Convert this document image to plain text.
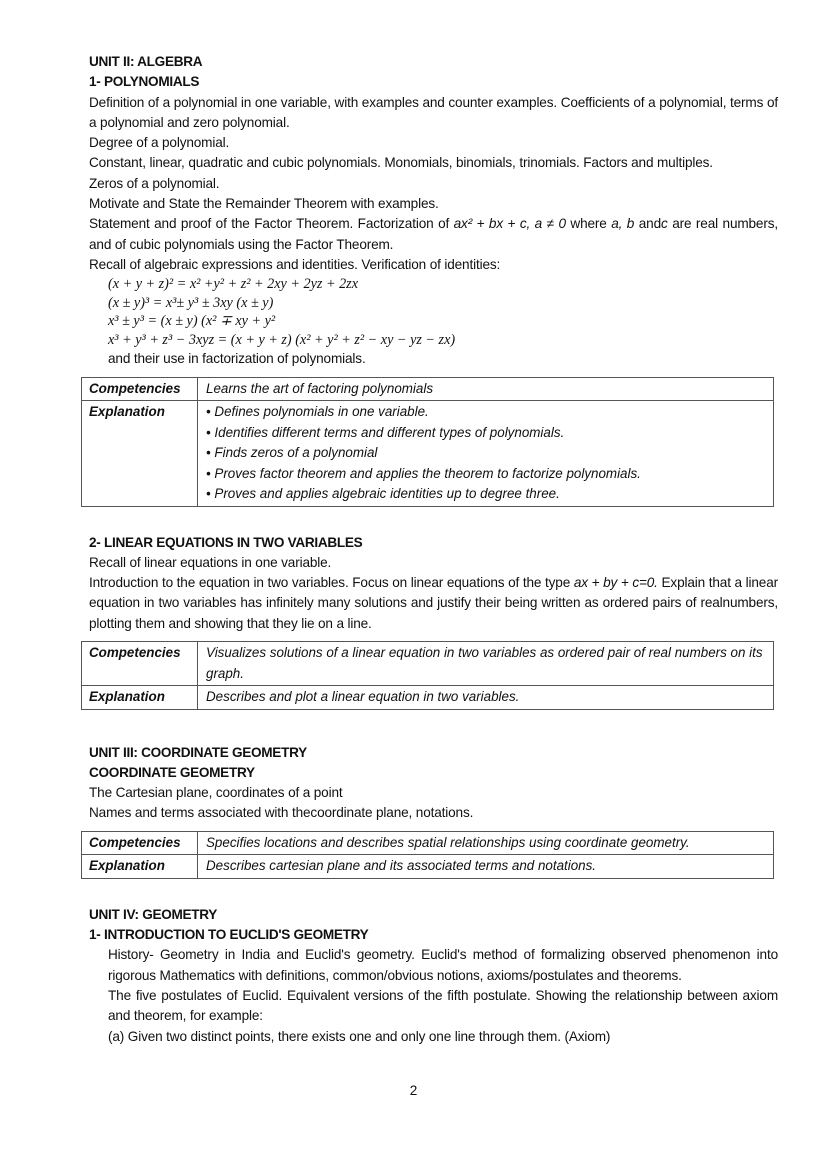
UNIT II: ALGEBRA

1- POLYNOMIALS

Definition of a polynomial in one variable, with examples and counter examples. Coefficients of a polynomial, terms of a polynomial and zero polynomial.

Degree of a polynomial.

Constant, linear, quadratic and cubic polynomials. Monomials, binomials, trinomials. Factors and multiples.

Zeros of a polynomial.

Motivate and State the Remainder Theorem with examples.

Statement and proof of the Factor Theorem. Factorization of ax² + bx + c, a ≠ 0 where a, b andc are real numbers, and of cubic polynomials using the Factor Theorem.

Recall of algebraic expressions and identities. Verification of identities:

(x + y + z)² = x² +y² + z² + 2xy + 2yz + 2zx

(x ± y)³ = x³± y³ ± 3xy (x ± y)

x³ ± y³ = (x ± y) (x² ∓ xy + y²

x³ + y³ + z³ − 3xyz = (x + y + z) (x² + y² + z² − xy − yz − zx)

and their use in factorization of polynomials.

Competencies	Learns the art of factoring polynomials
Explanation	• Defines polynomials in one variable.
• Identifies different terms and different types of polynomials.
• Finds zeros of a polynomial
• Proves factor theorem and applies the theorem to factorize polynomials.
• Proves and applies algebraic identities up to degree three.

2- LINEAR EQUATIONS IN TWO VARIABLES

Recall of linear equations in one variable.

Introduction to the equation in two variables. Focus on linear equations of the type ax + by + c=0. Explain that a linear equation in two variables has infinitely many solutions and justify their being written as ordered pairs of realnumbers, plotting them and showing that they lie on a line.

Competencies	Visualizes solutions of a linear equation in two variables as ordered pair of real numbers on its graph.
Explanation	Describes and plot a linear equation in two variables.

UNIT III: COORDINATE GEOMETRY

COORDINATE GEOMETRY

The Cartesian plane, coordinates of a point

Names and terms associated with thecoordinate plane, notations.

Competencies	Specifies locations and describes spatial relationships using coordinate geometry.
Explanation	Describes cartesian plane and its associated terms and notations.

UNIT IV: GEOMETRY

1- INTRODUCTION TO EUCLID'S GEOMETRY

History- Geometry in India and Euclid's geometry. Euclid's method of formalizing observed phenomenon into rigorous Mathematics with definitions, common/obvious notions, axioms/postulates and theorems.

The five postulates of Euclid. Equivalent versions of the fifth postulate. Showing the relationship between axiom and theorem, for example:

(a) Given two distinct points, there exists one and only one line through them. (Axiom)

2
